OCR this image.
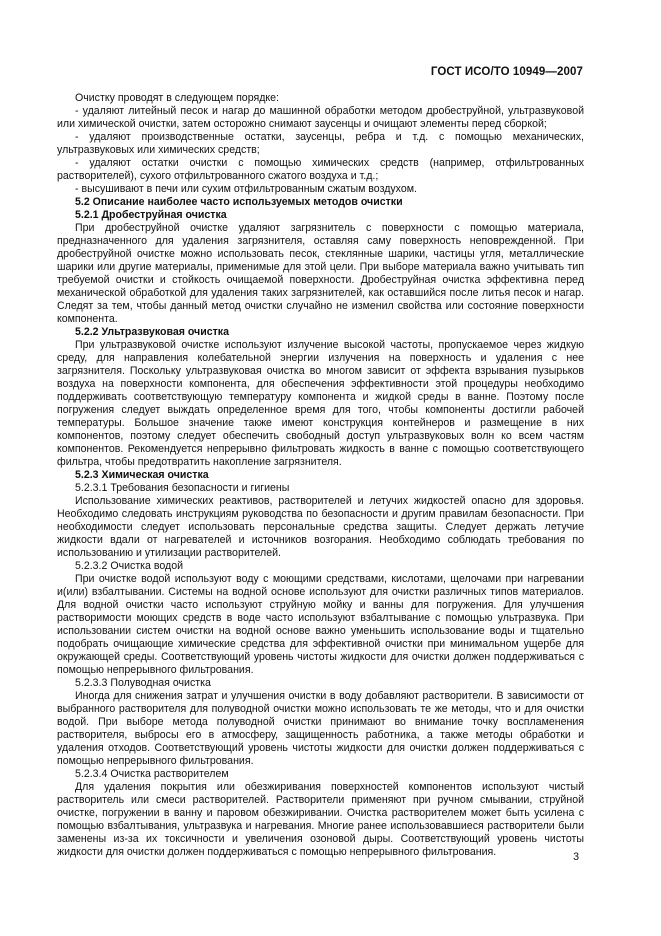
ГОСТ ИСО/ТО 10949—2007

Очистку проводят в следующем порядке:

- удаляют литейный песок и нагар до машинной обработки методом дробеструйной, ультразвуковой или химической очистки, затем осторожно снимают заусенцы и очищают элементы перед сборкой;

- удаляют производственные остатки, заусенцы, ребра и т.д. с помощью механических, ультразвуковых или химических средств;

- удаляют остатки очистки с помощью химических средств (например, отфильтрованных растворителей), сухого отфильтрованного сжатого воздуха и т.д.;

- высушивают в печи или сухим отфильтрованным сжатым воздухом.

5.2 Описание наиболее часто используемых методов очистки

5.2.1 Дробеструйная очистка

При дробеструйной очистке удаляют загрязнитель с поверхности с помощью материала, предназначенного для удаления загрязнителя, оставляя саму поверхность неповрежденной. При дробеструйной очистке можно использовать песок, стеклянные шарики, частицы угля, металлические шарики или другие материалы, применимые для этой цели. При выборе материала важно учитывать тип требуемой очистки и стойкость очищаемой поверхности. Дробеструйная очистка эффективна перед механической обработкой для удаления таких загрязнителей, как оставшийся после литья песок и нагар. Следят за тем, чтобы данный метод очистки случайно не изменил свойства или состояние поверхности компонента.

5.2.2 Ультразвуковая очистка

При ультразвуковой очистке используют излучение высокой частоты, пропускаемое через жидкую среду, для направления колебательной энергии излучения на поверхность и удаления с нее загрязнителя. Поскольку ультразвуковая очистка во многом зависит от эффекта взрывания пузырьков воздуха на поверхности компонента, для обеспечения эффективности этой процедуры необходимо поддерживать соответствующую температуру компонента и жидкой среды в ванне. Поэтому после погружения следует выждать определенное время для того, чтобы компоненты достигли рабочей температуры. Большое значение также имеют конструкция контейнеров и размещение в них компонентов, поэтому следует обеспечить свободный доступ ультразвуковых волн ко всем частям компонентов. Рекомендуется непрерывно фильтровать жидкость в ванне с помощью соответствующего фильтра, чтобы предотвратить накопление загрязнителя.

5.2.3 Химическая очистка

5.2.3.1 Требования безопасности и гигиены

Использование химических реактивов, растворителей и летучих жидкостей опасно для здоровья. Необходимо следовать инструкциям руководства по безопасности и другим правилам безопасности. При необходимости следует использовать персональные средства защиты. Следует держать летучие жидкости вдали от нагревателей и источников возгорания. Необходимо соблюдать требования по использованию и утилизации растворителей.

5.2.3.2 Очистка водой

При очистке водой используют воду с моющими средствами, кислотами, щелочами при нагревании и(или) взбалтывании. Системы на водной основе используют для очистки различных типов материалов. Для водной очистки часто используют струйную мойку и ванны для погружения. Для улучшения растворимости моющих средств в воде часто используют взбалтывание с помощью ультразвука. При использовании систем очистки на водной основе важно уменьшить использование воды и тщательно подобрать очищающие химические средства для эффективной очистки при минимальном ущербе для окружающей среды. Соответствующий уровень чистоты жидкости для очистки должен поддерживаться с помощью непрерывного фильтрования.

5.2.3.3 Полуводная очистка

Иногда для снижения затрат и улучшения очистки в воду добавляют растворители. В зависимости от выбранного растворителя для полуводной очистки можно использовать те же методы, что и для очистки водой. При выборе метода полуводной очистки принимают во внимание точку воспламенения растворителя, выбросы его в атмосферу, защищенность работника, а также методы обработки и удаления отходов. Соответствующий уровень чистоты жидкости для очистки должен поддерживаться с помощью непрерывного фильтрования.

5.2.3.4 Очистка растворителем

Для удаления покрытия или обезжиривания поверхностей компонентов используют чистый растворитель или смеси растворителей. Растворители применяют при ручном смывании, струйной очистке, погружении в ванну и паровом обезжиривании. Очистка растворителем может быть усилена с помощью взбалтывания, ультразвука и нагревания. Многие ранее использовавшиеся растворители были заменены из-за их токсичности и увеличения озоновой дыры. Соответствующий уровень чистоты жидкости для очистки должен поддерживаться с помощью непрерывного фильтрования.	3
